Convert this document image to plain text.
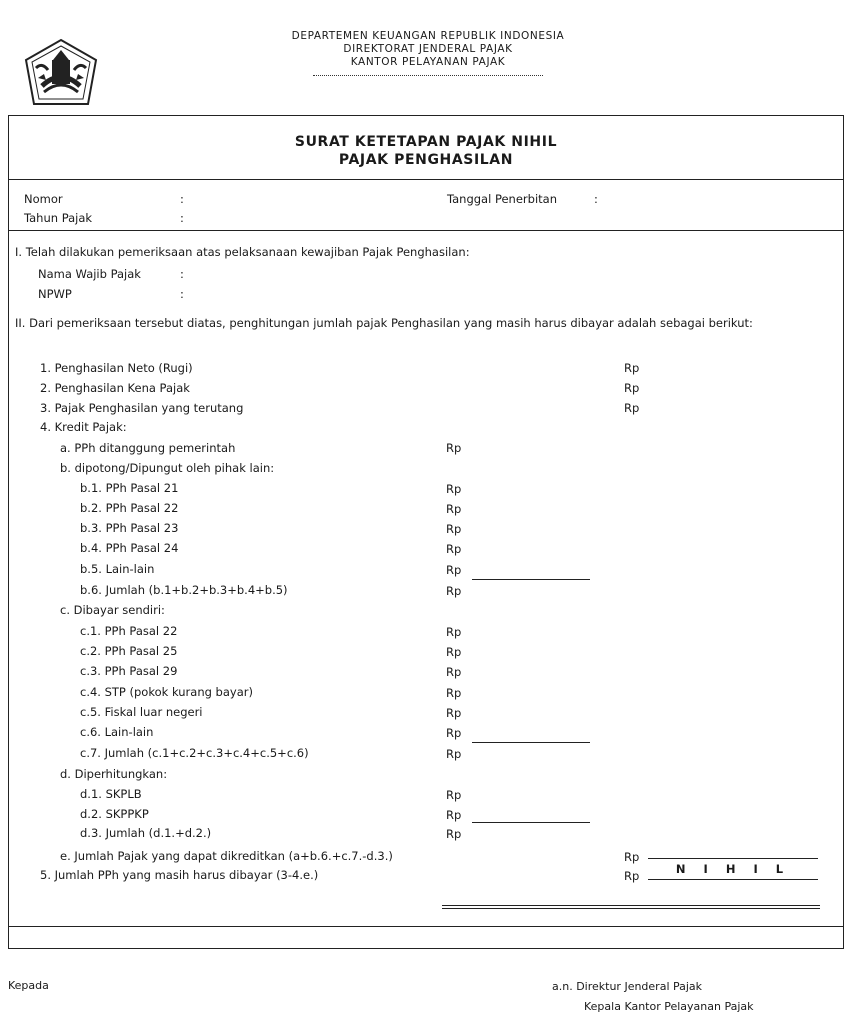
DEPARTEMEN KEUANGAN REPUBLIK INDONESIA
DIREKTORAT JENDERAL PAJAK
KANTOR PELAYANAN PAJAK
SURAT KETETAPAN PAJAK NIHIL
PAJAK PENGHASILAN
Nomor	:	Tanggal Penerbitan	:
Tahun Pajak	:
I. Telah dilakukan pemeriksaan atas pelaksanaan kewajiban Pajak Penghasilan:
Nama Wajib Pajak	:
NPWP	:
II. Dari pemeriksaan tersebut diatas, penghitungan jumlah pajak Penghasilan yang masih harus dibayar adalah sebagai berikut:
1. Penghasilan Neto (Rugi)	Rp
2. Penghasilan Kena Pajak	Rp
3. Pajak Penghasilan yang terutang	Rp
4. Kredit Pajak:
a. PPh ditanggung pemerintah	Rp
b. dipotong/Dipungut oleh pihak lain:
b.1. PPh Pasal 21	Rp
b.2. PPh Pasal 22	Rp
b.3. PPh Pasal 23	Rp
b.4. PPh Pasal 24	Rp
b.5. Lain-lain	Rp
b.6. Jumlah (b.1+b.2+b.3+b.4+b.5)	Rp
c. Dibayar sendiri:
c.1. PPh Pasal 22	Rp
c.2. PPh Pasal 25	Rp
c.3. PPh Pasal 29	Rp
c.4. STP (pokok kurang bayar)	Rp
c.5. Fiskal luar negeri	Rp
c.6. Lain-lain	Rp
c.7. Jumlah (c.1+c.2+c.3+c.4+c.5+c.6)	Rp
d. Diperhitungkan:
d.1. SKPLB	Rp
d.2. SKPPKP	Rp
d.3. Jumlah (d.1.+d.2.)	Rp
e. Jumlah Pajak yang dapat dikreditkan (a+b.6.+c.7.-d.3.)	Rp
5. Jumlah PPh yang masih harus dibayar (3-4.e.)	Rp	N I H I L
Kepada	a.n. Direktur Jenderal Pajak
Kepala Kantor Pelayanan Pajak
